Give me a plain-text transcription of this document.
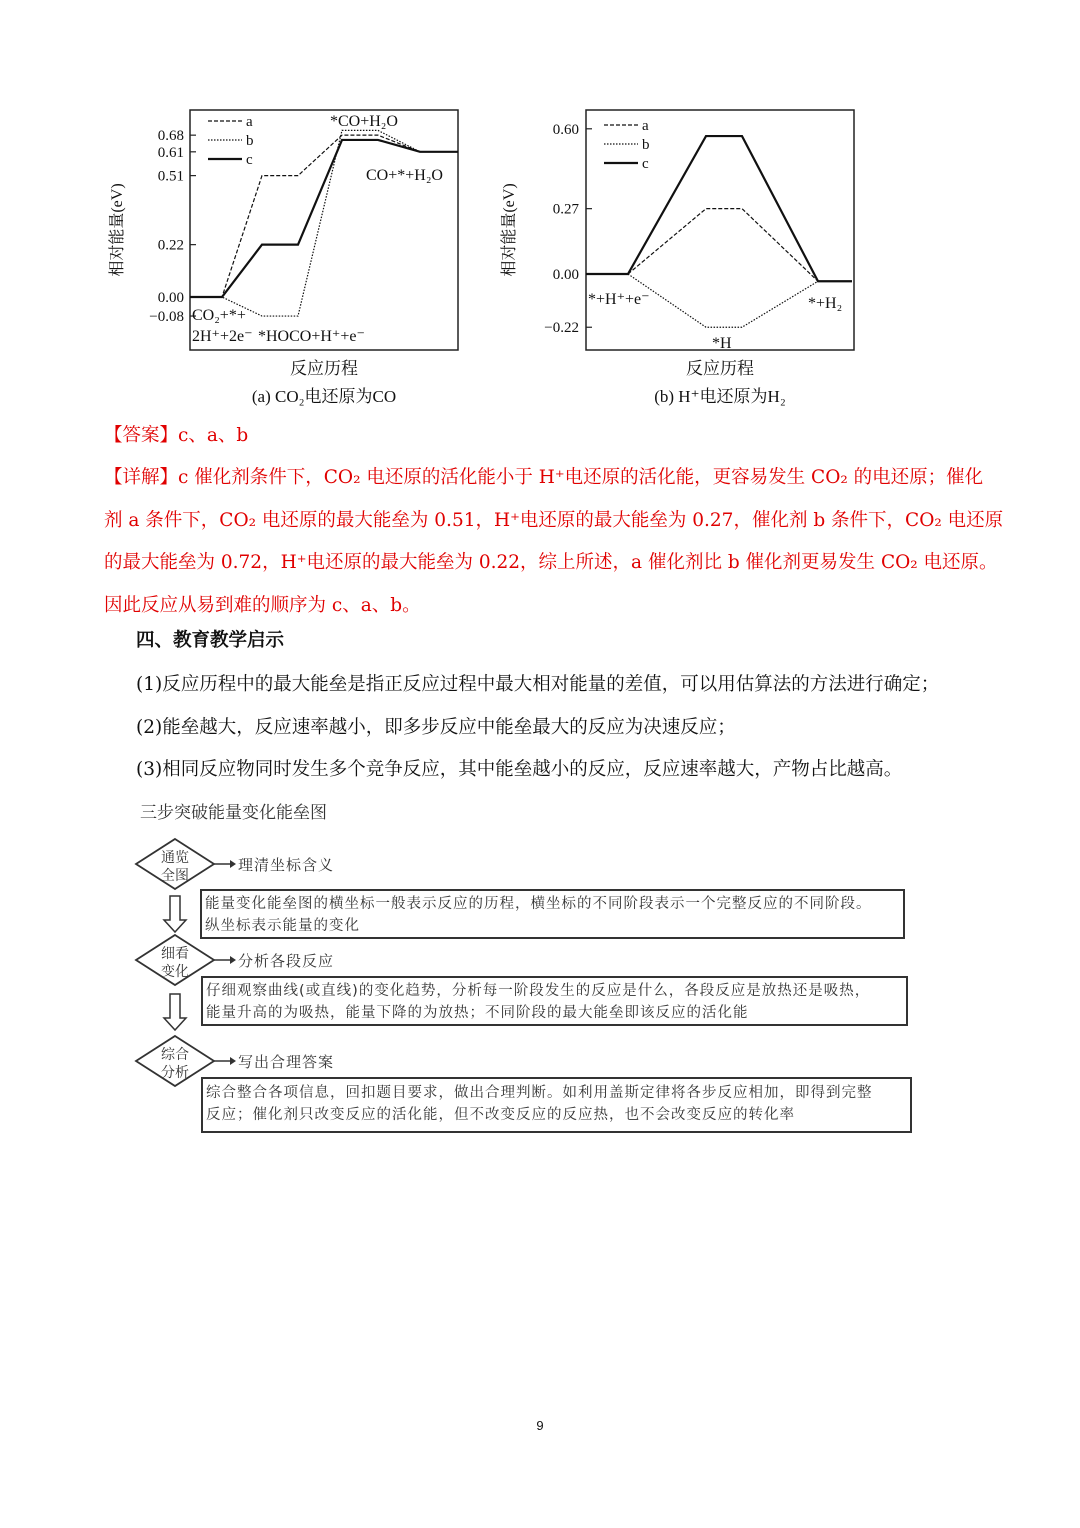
相对能量(eV)
0.68
0.61
0.51
0.22
0.00
−0.08
a
b
c
*CO+H₂O
CO+*+H₂O
CO₂+*+
2H⁺+2e⁻ *HOCO+H⁺+e⁻
反应历程
(a) CO₂电还原为CO
相对能量(eV)
0.60
0.27
0.00
−0.22
a
b
c
*+H⁺+e⁻
*H
*+H₂
反应历程
(b) H⁺电还原为H₂
【答案】c、a、b
【详解】c 催化剂条件下，CO₂ 电还原的活化能小于 H⁺电还原的活化能，更容易发生 CO₂ 的电还原；催化
剂 a 条件下，CO₂ 电还原的最大能垒为 0.51，H⁺电还原的最大能垒为 0.27，催化剂 b 条件下，CO₂ 电还原
的最大能垒为 0.72，H⁺电还原的最大能垒为 0.22，综上所述，a 催化剂比 b 催化剂更易发生 CO₂ 电还原。
因此反应从易到难的顺序为 c、a、b。
四、教育教学启示
(1)反应历程中的最大能垒是指正反应过程中最大相对能量的差值，可以用估算法的方法进行确定；
(2)能垒越大，反应速率越小，即多步反应中能垒最大的反应为决速反应；
(3)相同反应物同时发生多个竞争反应，其中能垒越小的反应，反应速率越大，产物占比越高。
三步突破能量变化能垒图
通览
全图
细看
变化
综合
分析
理清坐标含义
分析各段反应
写出合理答案
能量变化能垒图的横坐标一般表示反应的历程，横坐标的不同阶段表示一个完整反应的不同阶段。
纵坐标表示能量的变化
仔细观察曲线(或直线)的变化趋势，分析每一阶段发生的反应是什么，各段反应是放热还是吸热，
能量升高的为吸热，能量下降的为放热；不同阶段的最大能垒即该反应的活化能
综合整合各项信息，回扣题目要求，做出合理判断。如利用盖斯定律将各步反应相加，即得到完整
反应；催化剂只改变反应的活化能，但不改变反应的反应热，也不会改变反应的转化率
9
